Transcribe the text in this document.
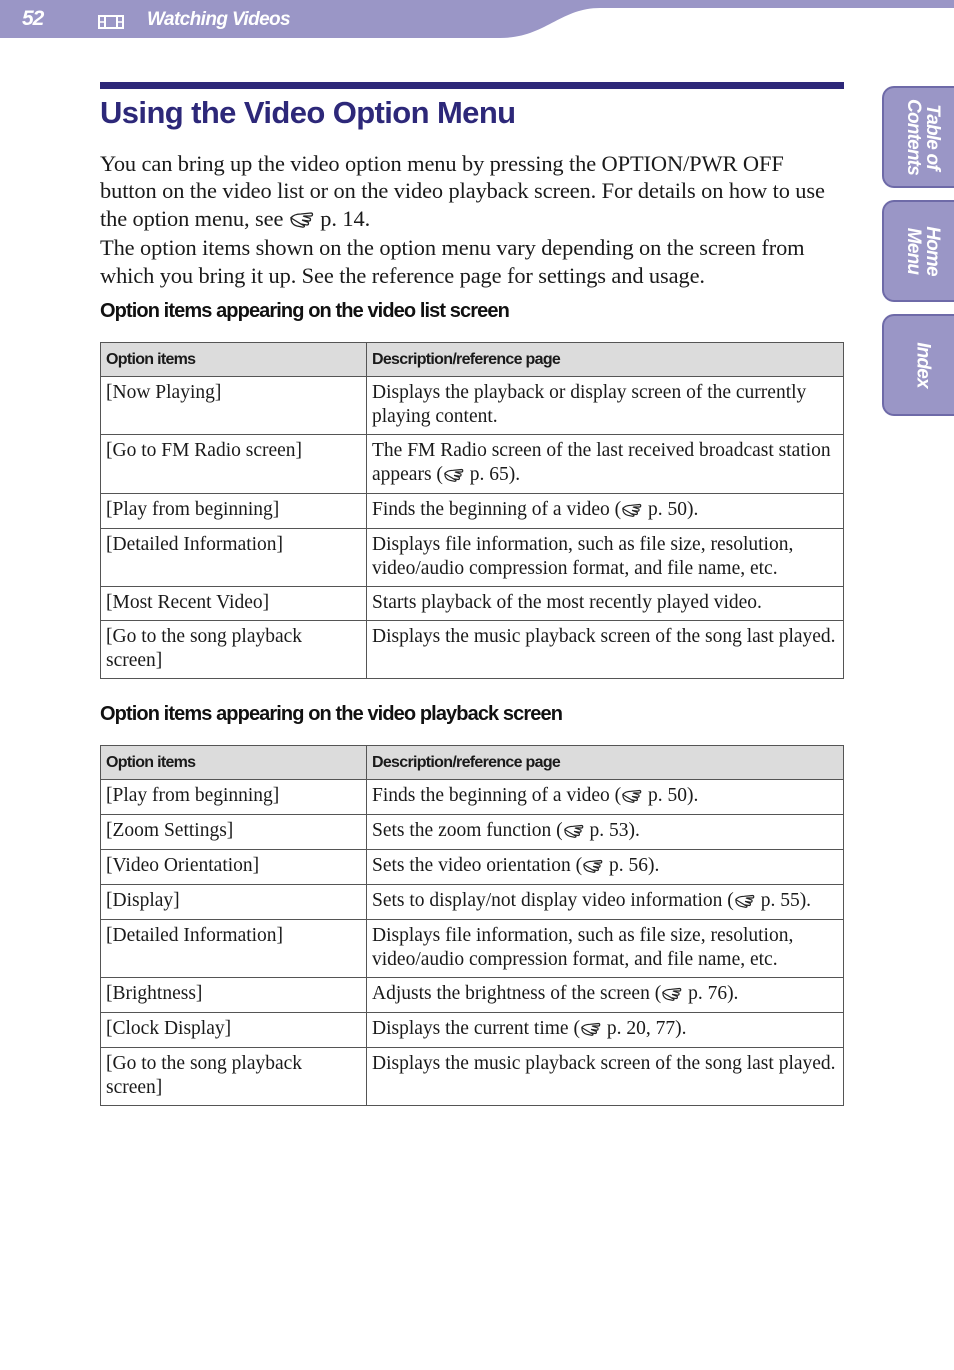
52	Watching Videos
Table of
Contents
Home
Menu
Index
Using the Video Option Menu

You can bring up the video option menu by pressing the OPTION/PWR OFF button on the video list or on the video playback screen. For details on how to use the option menu, see  p. 14.

The option items shown on the option menu vary depending on the screen from which you bring it up. See the reference page for settings and usage.

Option items appearing on the video list screen
Option items	Description/reference page
[Now Playing]	Displays the playback or display screen of the currently playing content.
[Go to FM Radio screen]	The FM Radio screen of the last received broadcast station appears ( p. 65).
[Play from beginning]	Finds the beginning of a video ( p. 50).
[Detailed Information]	Displays file information, such as file size, resolution, video/audio compression format, and file name, etc.
[Most Recent Video]	Starts playback of the most recently played video.
[Go to the song playback screen]	Displays the music playback screen of the song last played.
Option items appearing on the video playback screen
Option items	Description/reference page
[Play from beginning]	Finds the beginning of a video ( p. 50).
[Zoom Settings]	Sets the zoom function ( p. 53).
[Video Orientation]	Sets the video orientation ( p. 56).
[Display]	Sets to display/not display video information ( p. 55).
[Detailed Information]	Displays file information, such as file size, resolution, video/audio compression format, and file name, etc.
[Brightness]	Adjusts the brightness of the screen ( p. 76).
[Clock Display]	Displays the current time ( p. 20, 77).
[Go to the song playback screen]	Displays the music playback screen of the song last played.
